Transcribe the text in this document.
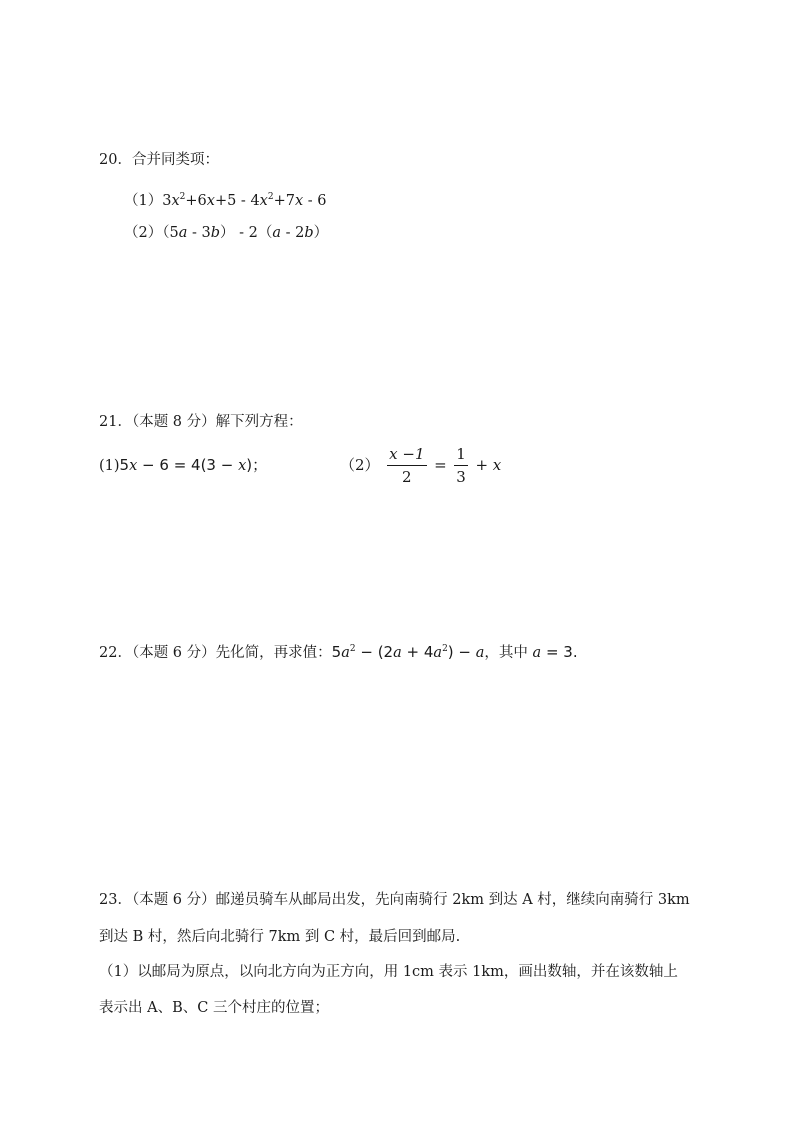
20．合并同类项：
$(1)3x^2+6x+5 - 4x^2+7x - 6$
（2）（5a - 3b） - 2（a - 2b）
21．（本题 8 分）解下列方程：
(1)5x − 6 = 4(3 − x)；	$(2) \frac{x -1}{2} = \frac{1}{3} + x$
22．（本题 6 分）先化简，再求值：$5a^2 - (2a + 4a^2) - a$，其中 a = 3.
23．（本题 6 分）邮递员骑车从邮局出发，先向南骑行 2km 到达 A 村，继续向南骑行 3km
到达 B 村，然后向北骑行 7km 到 C 村，最后回到邮局.
（1）以邮局为原点，以向北方向为正方向，用 1cm 表示 1km，画出数轴，并在该数轴上
表示出 A、B、C 三个村庄的位置；
